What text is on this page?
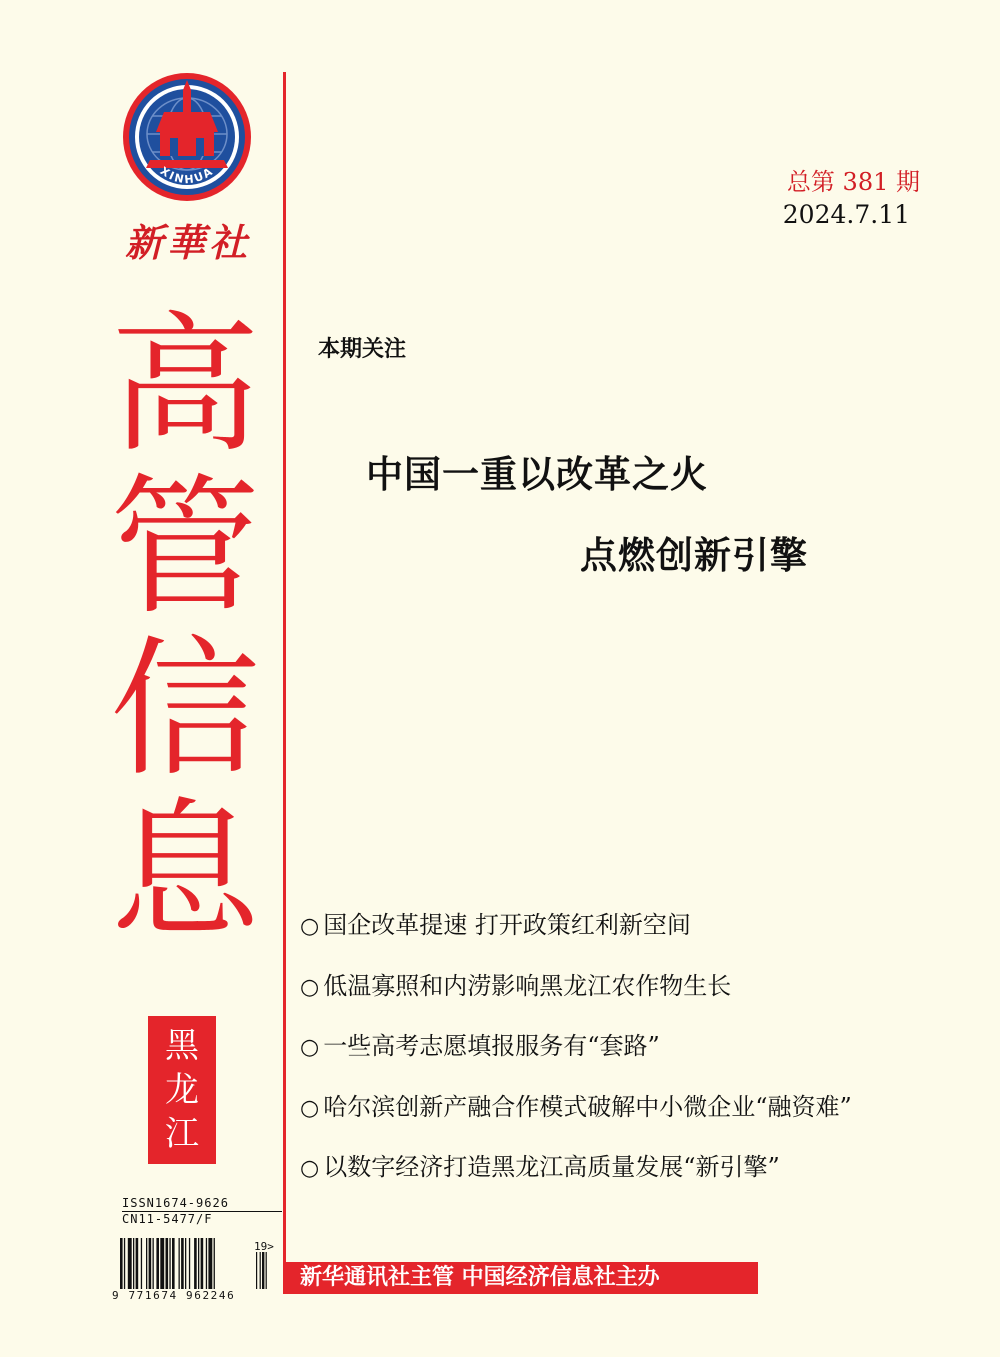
XINHUA
新華社
高
管
信
息
黑
龙
江
ISSN1674-9626
CN11-5477/F
19>
9 771674 962246
总第 381 期
2024.7.11
本期关注
中国一重以改革之火
点燃创新引擎
○ 国企改革提速 打开政策红利新空间
○ 低温寡照和内涝影响黑龙江农作物生长
○ 一些高考志愿填报服务有“套路”
○ 哈尔滨创新产融合作模式破解中小微企业“融资难”
○ 以数字经济打造黑龙江高质量发展“新引擎”
新华通讯社主管 中国经济信息社主办
